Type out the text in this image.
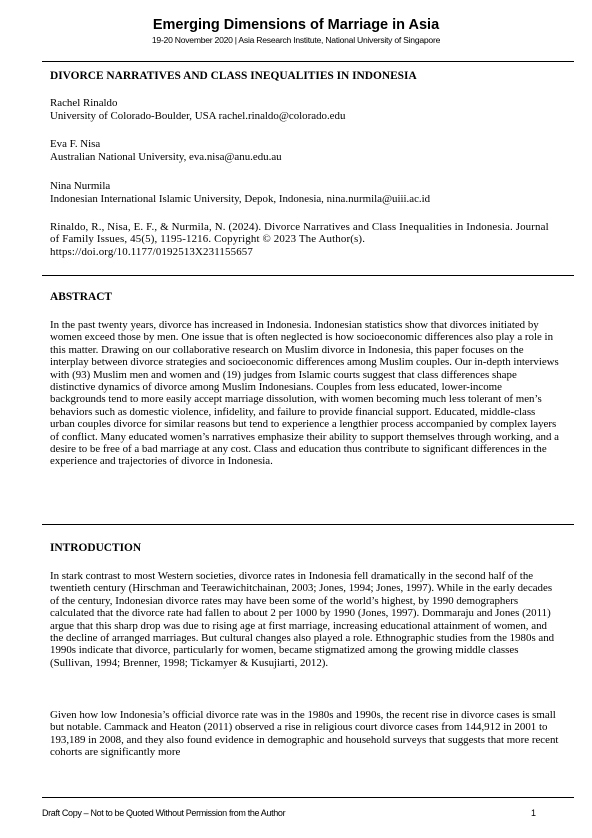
Emerging Dimensions of Marriage in Asia

19-20 November 2020 | Asia Research Institute, National University of Singapore

DIVORCE NARRATIVES AND CLASS INEQUALITIES IN INDONESIA

Rachel Rinaldo

University of Colorado-Boulder, USA rachel.rinaldo@colorado.edu

Eva F. Nisa

Australian National University, eva.nisa@anu.edu.au

Nina Nurmila

Indonesian International Islamic University, Depok, Indonesia, nina.nurmila@uiii.ac.id

Rinaldo, R., Nisa, E. F., & Nurmila, N. (2024). Divorce Narratives and Class Inequalities in Indonesia. Journal of Family Issues, 45(5), 1195-1216. Copyright © 2023 The Author(s). https://doi.org/10.1177/0192513X231155657

ABSTRACT

In the past twenty years, divorce has increased in Indonesia. Indonesian statistics show that divorces initiated by women exceed those by men. One issue that is often neglected is how socioeconomic differences also play a role in this matter. Drawing on our collaborative research on Muslim divorce in Indonesia, this paper focuses on the interplay between divorce strategies and socioeconomic differences among Muslim couples. Our in-depth interviews with (93) Muslim men and women and (19) judges from Islamic courts suggest that class differences shape distinctive dynamics of divorce among Muslim Indonesians. Couples from less educated, lower-income backgrounds tend to more easily accept marriage dissolution, with women becoming much less tolerant of men’s behaviors such as domestic violence, infidelity, and failure to provide financial support. Educated, middle-class urban couples divorce for similar reasons but tend to experience a lengthier process accompanied by complex layers of conflict. Many educated women’s narratives emphasize their ability to support themselves through working, and a desire to be free of a bad marriage at any cost. Class and education thus contribute to significant differences in the experience and trajectories of divorce in Indonesia.

INTRODUCTION

In stark contrast to most Western societies, divorce rates in Indonesia fell dramatically in the second half of the twentieth century (Hirschman and Teerawichitchainan, 2003; Jones, 1994; Jones, 1997). While in the early decades of the century, Indonesian divorce rates may have been some of the world’s highest, by 1990 demographers calculated that the divorce rate had fallen to about 2 per 1000 by 1990 (Jones, 1997). Dommaraju and Jones (2011) argue that this sharp drop was due to rising age at first marriage, increasing educational attainment of women, and the decline of arranged marriages. But cultural changes also played a role. Ethnographic studies from the 1980s and 1990s indicate that divorce, particularly for women, became stigmatized among the growing middle classes (Sullivan, 1994; Brenner, 1998; Tickamyer & Kusujiarti, 2012).

Given how low Indonesia’s official divorce rate was in the 1980s and 1990s, the recent rise in divorce cases is small but notable. Cammack and Heaton (2011) observed a rise in religious court divorce cases from 144,912 in 2001 to 193,189 in 2008, and they also found evidence in demographic and household surveys that suggests that more recent cohorts are significantly more

Draft Copy – Not to be Quoted Without Permission from the Author	1
